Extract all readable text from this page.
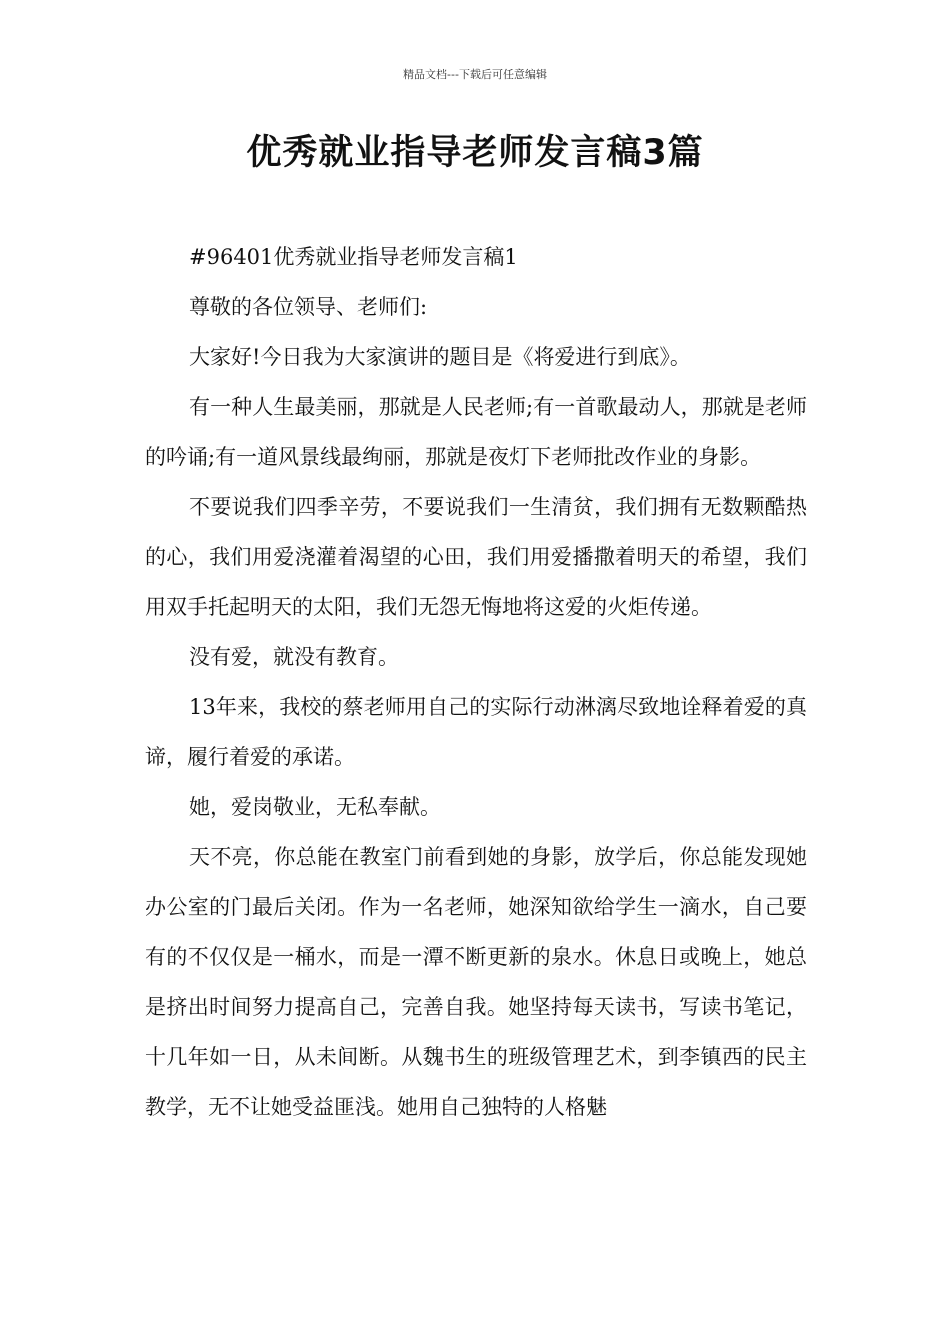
精品文档---下载后可任意编辑
优秀就业指导老师发言稿3篇

#96401优秀就业指导老师发言稿1

尊敬的各位领导、老师们:

大家好!今日我为大家演讲的题目是《将爱进行到底》。

有一种人生最美丽，那就是人民老师;有一首歌最动人，那就是老师的吟诵;有一道风景线最绚丽，那就是夜灯下老师批改作业的身影。

不要说我们四季辛劳，不要说我们一生清贫，我们拥有无数颗酷热的心，我们用爱浇灌着渴望的心田，我们用爱播撒着明天的希望，我们用双手托起明天的太阳，我们无怨无悔地将这爱的火炬传递。

没有爱，就没有教育。

13年来，我校的蔡老师用自己的实际行动淋漓尽致地诠释着爱的真谛，履行着爱的承诺。

她，爱岗敬业，无私奉献。

天不亮，你总能在教室门前看到她的身影，放学后，你总能发现她办公室的门最后关闭。作为一名老师，她深知欲给学生一滴水，自己要有的不仅仅是一桶水，而是一潭不断更新的泉水。休息日或晚上，她总是挤出时间努力提高自己，完善自我。她坚持每天读书，写读书笔记，十几年如一日，从未间断。从魏书生的班级管理艺术，到李镇西的民主教学，无不让她受益匪浅。她用自己独特的人格魅
